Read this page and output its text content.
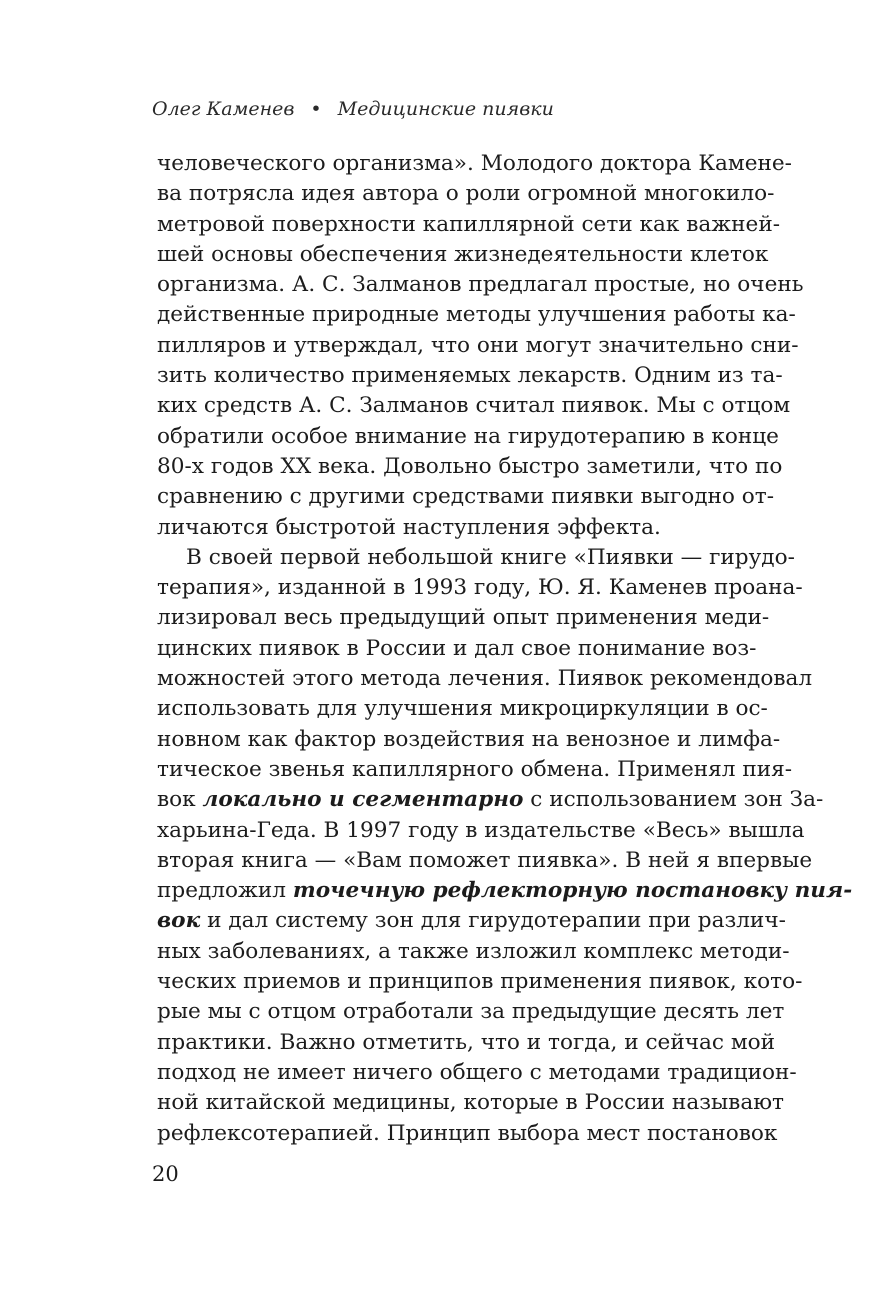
Олег Каменев • Медицинские пиявки
человеческого организма». Молодого доктора Камене-
ва потрясла идея автора о роли огромной многокило-
метровой поверхности капиллярной сети как важней-
шей основы обеспечения жизнедеятельности клеток
организма. А. С. Залманов предлагал простые, но очень
действенные природные методы улучшения работы ка-
пилляров и утверждал, что они могут значительно сни-
зить количество применяемых лекарств. Одним из та-
ких средств А. С. Залманов считал пиявок. Мы с отцом
обратили особое внимание на гирудотерапию в конце
80-х годов XX века. Довольно быстро заметили, что по
сравнению с другими средствами пиявки выгодно от-
личаются быстротой наступления эффекта.
В своей первой небольшой книге «Пиявки — гирудо-
терапия», изданной в 1993 году, Ю. Я. Каменев проана-
лизировал весь предыдущий опыт применения меди-
цинских пиявок в России и дал свое понимание воз-
можностей этого метода лечения. Пиявок рекомендовал
использовать для улучшения микроциркуляции в ос-
новном как фактор воздействия на венозное и лимфа-
тическое звенья капиллярного обмена. Применял пия-
вок локально и сегментарно с использованием зон За-
харьина-Геда. В 1997 году в издательстве «Весь» вышла
вторая книга — «Вам поможет пиявка». В ней я впервые
предложил точечную рефлекторную постановку пия-
вок и дал систему зон для гирудотерапии при различ-
ных заболеваниях, а также изложил комплекс методи-
ческих приемов и принципов применения пиявок, кото-
рые мы с отцом отработали за предыдущие десять лет
практики. Важно отметить, что и тогда, и сейчас мой
подход не имеет ничего общего с методами традицион-
ной китайской медицины, которые в России называют
рефлексотерапией. Принцип выбора мест постановок
20
